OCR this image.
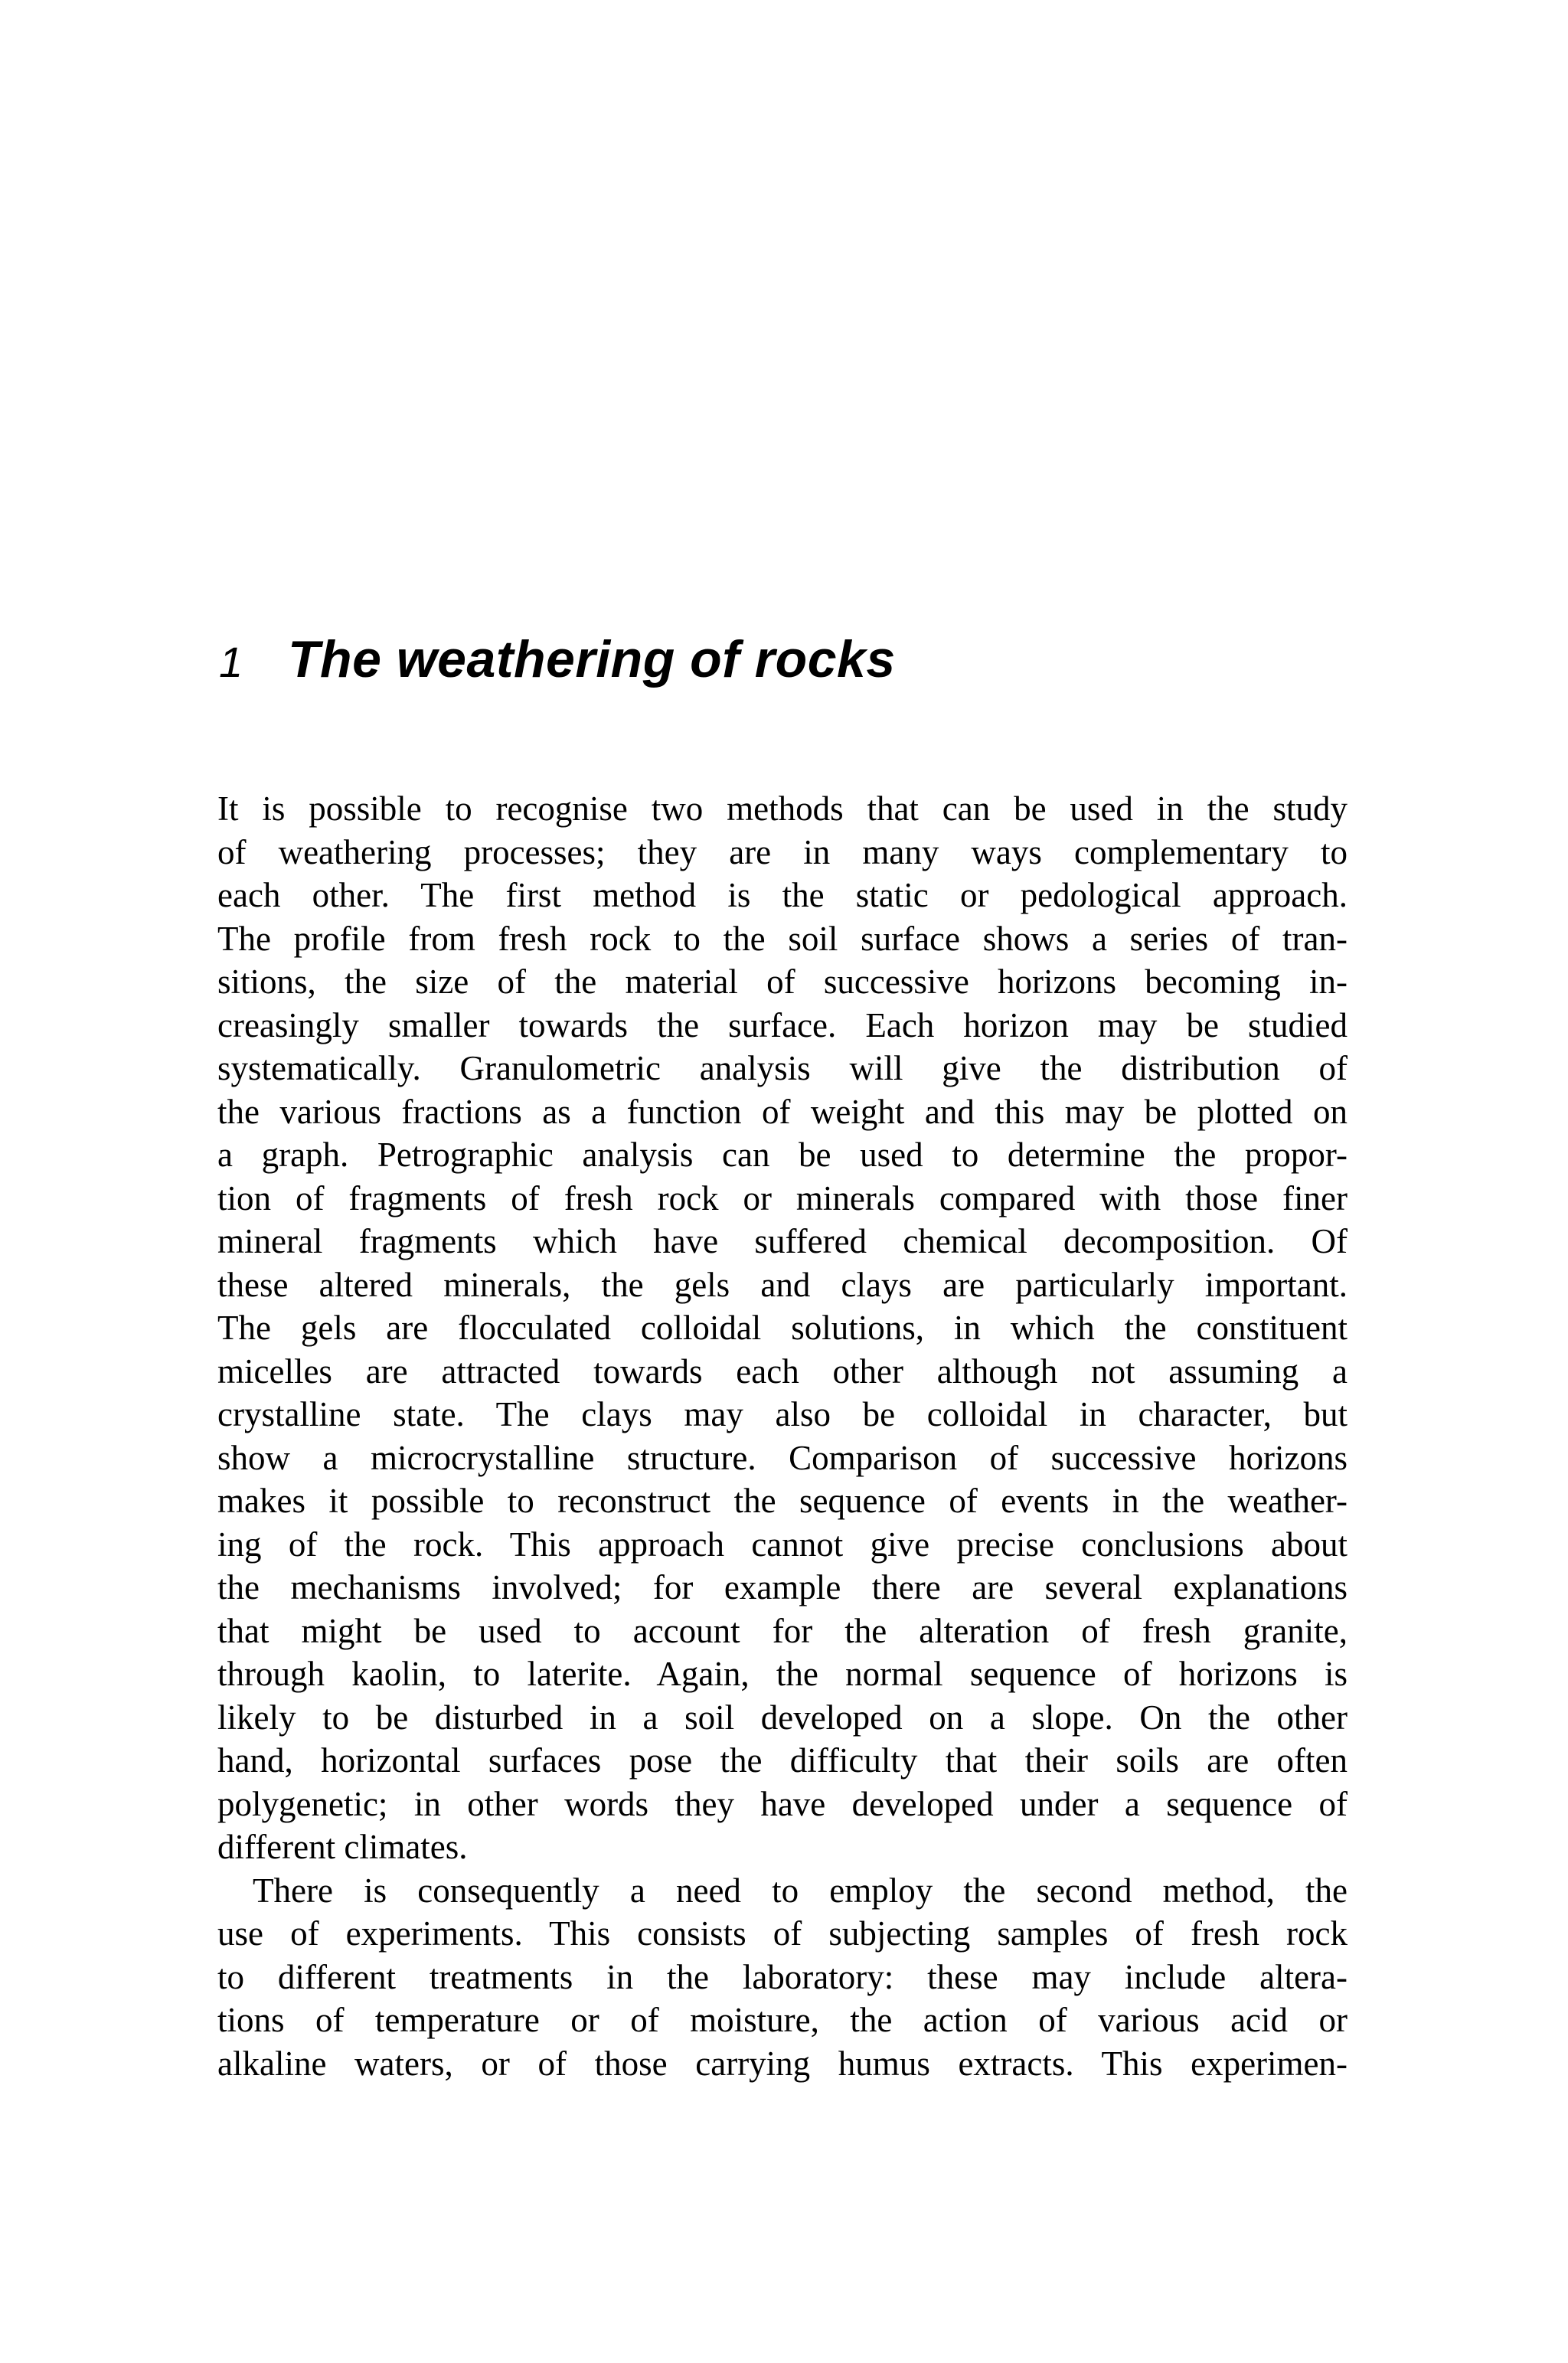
1 The weathering of rocks
It is possible to recognise two methods that can be used in the study
of weathering processes; they are in many ways complementary to
each other. The first method is the static or pedological approach.
The profile from fresh rock to the soil surface shows a series of tran-
sitions, the size of the material of successive horizons becoming in-
creasingly smaller towards the surface. Each horizon may be studied
systematically. Granulometric analysis will give the distribution of
the various fractions as a function of weight and this may be plotted on
a graph. Petrographic analysis can be used to determine the propor-
tion of fragments of fresh rock or minerals compared with those finer
mineral fragments which have suffered chemical decomposition. Of
these altered minerals, the gels and clays are particularly important.
The gels are flocculated colloidal solutions, in which the constituent
micelles are attracted towards each other although not assuming a
crystalline state. The clays may also be colloidal in character, but
show a microcrystalline structure. Comparison of successive horizons
makes it possible to reconstruct the sequence of events in the weather-
ing of the rock. This approach cannot give precise conclusions about
the mechanisms involved; for example there are several explanations
that might be used to account for the alteration of fresh granite,
through kaolin, to laterite. Again, the normal sequence of horizons is
likely to be disturbed in a soil developed on a slope. On the other
hand, horizontal surfaces pose the difficulty that their soils are often
polygenetic; in other words they have developed under a sequence of
different climates.
There is consequently a need to employ the second method, the
use of experiments. This consists of subjecting samples of fresh rock
to different treatments in the laboratory: these may include altera-
tions of temperature or of moisture, the action of various acid or
alkaline waters, or of those carrying humus extracts. This experimen-
